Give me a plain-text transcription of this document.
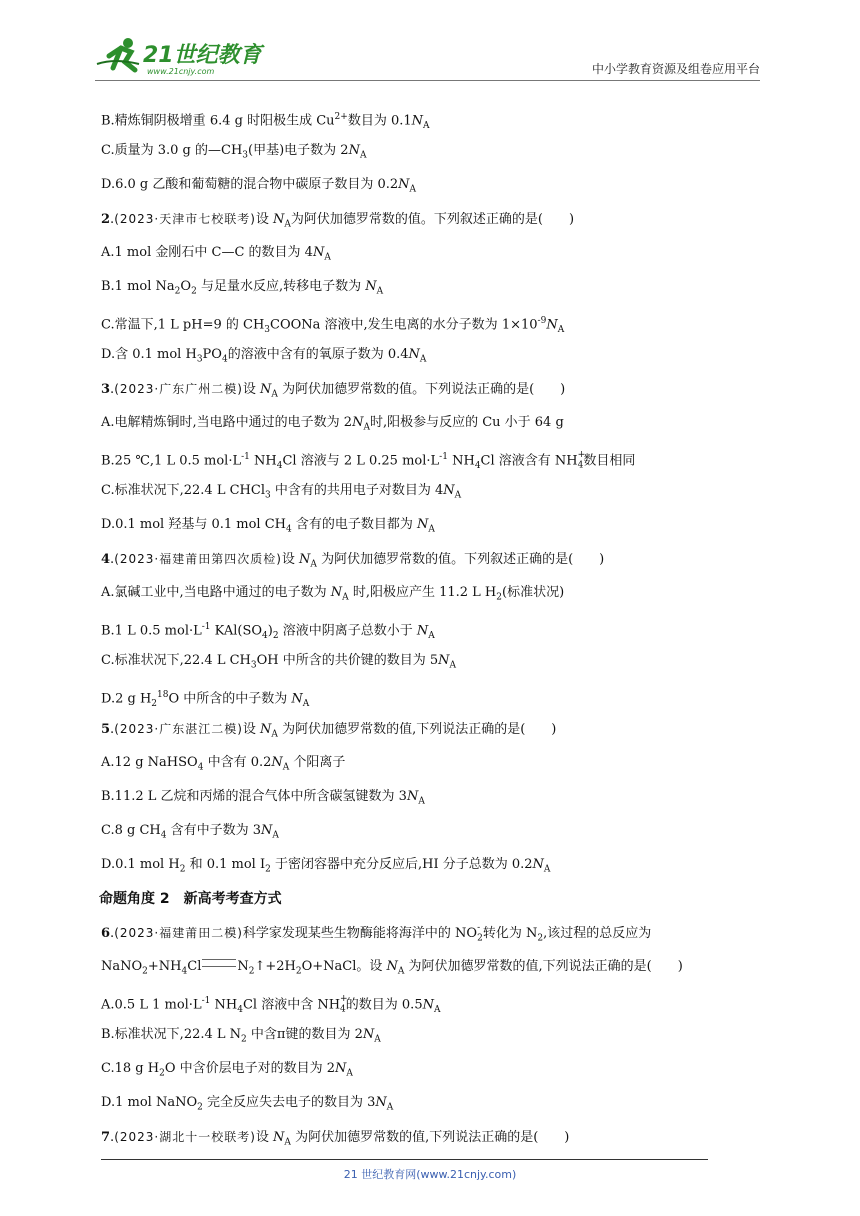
21世纪教育
www.21cnjy.com	中小学教育资源及组卷应用平台
B.精炼铜阴极增重 6.4 g 时阳极生成 $Cu^{2+}$数目为 $0.1N_A$
C.质量为 3.0 g 的$—CH_3$(甲基)电子数为 $2N_A$
D.6.0 g 乙酸和葡萄糖的混合物中碳原子数目为 $0.2N_A$
2.(2023·天津市七校联考)设 $N_A$为阿伏加德罗常数的值。下列叙述正确的是(　　)
A.1 mol 金刚石中 C—C 的数目为 $4N_A$
B.1 mol $Na_2O_2$ 与足量水反应,转移电子数为 $N_A$
C.常温下,1 L pH=9 的 $CH_3COONa$ 溶液中,发生电离的水分子数为 $1\times 10^{-9}N_A$
D.含 0.1 mol $H_3PO_4$的溶液中含有的氧原子数为 $0.4N_A$
3.(2023·广东广州二模)设 $N_A$ 为阿伏加德罗常数的值。下列说法正确的是(　　)
A.电解精炼铜时,当电路中通过的电子数为 $2N_A$时,阳极参与反应的 Cu 小于 64 g
B.25 ℃,1 L 0.5 $mol\cdot L^{-1}$ $NH_4Cl$ 溶液与 2 L 0.25 $mol\cdot L^{-1}$ $NH_4Cl$ 溶液含有 $NH_4$
+
数目相同
C.标准状况下,22.4 L CHCl$_3$ 中含有的共用电子对数目为 $4N_A$
D.0.1 mol 羟基与 0.1 mol $CH_4$ 含有的电子数目都为 $N_A$
4.(2023·福建莆田第四次质检)设 $N_A$ 为阿伏加德罗常数的值。下列叙述正确的是(　　)
A.氯碱工业中,当电路中通过的电子数为 $N_A$ 时,阳极应产生 11.2 L $H_2$(标准状况)
B.1 L 0.5 $mol\cdot L^{-1}$ $KAl(SO_4)_2$ 溶液中阴离子总数小于 $N_A$
C.标准状况下,22.4 L $CH_3OH$ 中所含的共价键的数目为 $5N_A$
D.2 g $H_2^{18}O$ 中所含的中子数为 $N_A$
5.(2023·广东湛江二模)设 $N_A$ 为阿伏加德罗常数的值,下列说法正确的是(　　)
A.12 g NaHSO$_4$ 中含有 $0.2N_A$ 个阳离子
B.11.2 L 乙烷和丙烯的混合气体中所含碳氢键数为 $3N_A$
C.8 g $CH_4$ 含有中子数为 $3N_A$
D.0.1 mol $H_2$ 和 0.1 mol $I_2$ 于密闭容器中充分反应后,HI 分子总数为 $0.2N_A$
命题角度 2　新高考考查方式
6.(2023·福建莆田二模)科学家发现某些生物酶能将海洋中的 $NO_2$
- 转化为 $N_2$,该过程的总反应为
$NaNO_2+NH_4Cl$	$N_2↑+2H_2O+NaCl$。设 $N_A$ 为阿伏加德罗常数的值,下列说法正确的是(　　)
A.0.5 L 1 $mol\cdot L^{-1}$ $NH_4Cl$ 溶液中含 $NH_4$
+
的数目为 $0.5N_A$
B.标准状况下,22.4 L $N_2$ 中含π键的数目为 $2N_A$
C.18 g $H_2O$ 中含价层电子对的数目为 $2N_A$
D.1 mol NaNO$_2$ 完全反应失去电子的数目为 $3N_A$
7.(2023·湖北十一校联考)设 $N_A$ 为阿伏加德罗常数的值,下列说法正确的是(　　)
21 世纪教育网(www.21cnjy.com)
